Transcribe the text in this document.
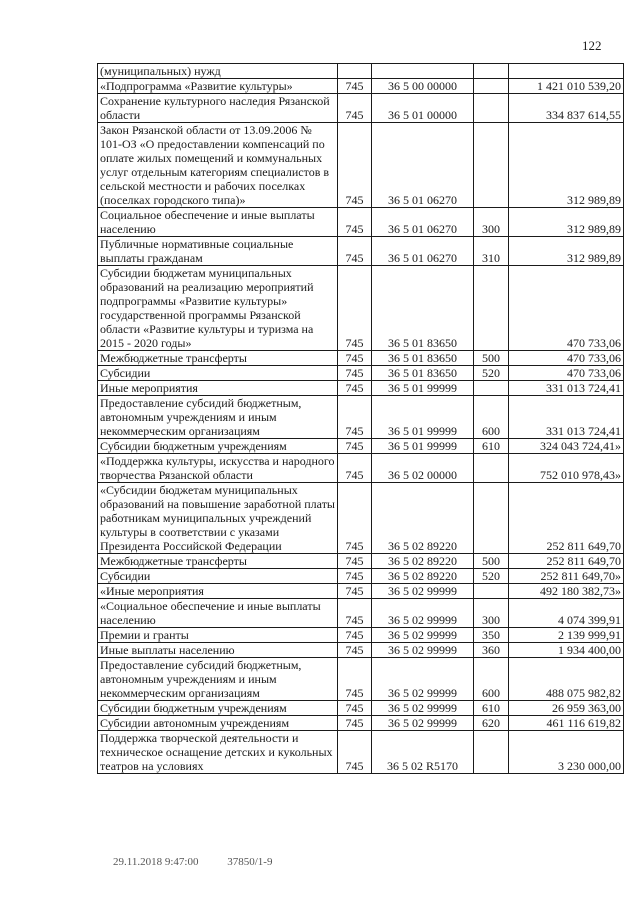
122
(муниципальных) нужд				
«Подпрограмма «Развитие культуры»	745	36 5 00 00000		1 421 010 539,20
Сохранение культурного наследия Рязанской области	745	36 5 01 00000		334 837 614,55
Закон Рязанской области от 13.09.2006 № 101-ОЗ «О предоставлении компенсаций по оплате жилых помещений и коммунальных услуг отдельным категориям специалистов в сельской местности и рабочих поселках (поселках городского типа)»	745	36 5 01 06270		312 989,89
Социальное обеспечение и иные выплаты населению	745	36 5 01 06270	300	312 989,89
Публичные нормативные социальные выплаты гражданам	745	36 5 01 06270	310	312 989,89
Субсидии бюджетам муниципальных образований на реализацию мероприятий подпрограммы «Развитие культуры» государственной программы Рязанской области «Развитие культуры и туризма на 2015 - 2020 годы»	745	36 5 01 83650		470 733,06
Межбюджетные трансферты	745	36 5 01 83650	500	470 733,06
Субсидии	745	36 5 01 83650	520	470 733,06
Иные мероприятия	745	36 5 01 99999		331 013 724,41
Предоставление субсидий бюджетным, автономным учреждениям и иным некоммерческим организациям	745	36 5 01 99999	600	331 013 724,41
Субсидии бюджетным учреждениям	745	36 5 01 99999	610	324 043 724,41»
«Поддержка культуры, искусства и народного творчества Рязанской области	745	36 5 02 00000		752 010 978,43»
«Субсидии бюджетам муниципальных образований на повышение заработной платы работникам муниципальных учреждений культуры в соответствии с указами Президента Российской Федерации	745	36 5 02 89220		252 811 649,70
Межбюджетные трансферты	745	36 5 02 89220	500	252 811 649,70
Субсидии	745	36 5 02 89220	520	252 811 649,70»
«Иные мероприятия	745	36 5 02 99999		492 180 382,73»
«Социальное обеспечение и иные выплаты населению	745	36 5 02 99999	300	4 074 399,91
Премии и гранты	745	36 5 02 99999	350	2 139 999,91
Иные выплаты населению	745	36 5 02 99999	360	1 934 400,00
Предоставление субсидий бюджетным, автономным учреждениям и иным некоммерческим организациям	745	36 5 02 99999	600	488 075 982,82
Субсидии бюджетным учреждениям	745	36 5 02 99999	610	26 959 363,00
Субсидии автономным учреждениям	745	36 5 02 99999	620	461 116 619,82
Поддержка творческой деятельности и техническое оснащение детских и кукольных театров на условиях	745	36 5 02 R5170		3 230 000,00
29.11.2018 9:47:00	37850/1-9
